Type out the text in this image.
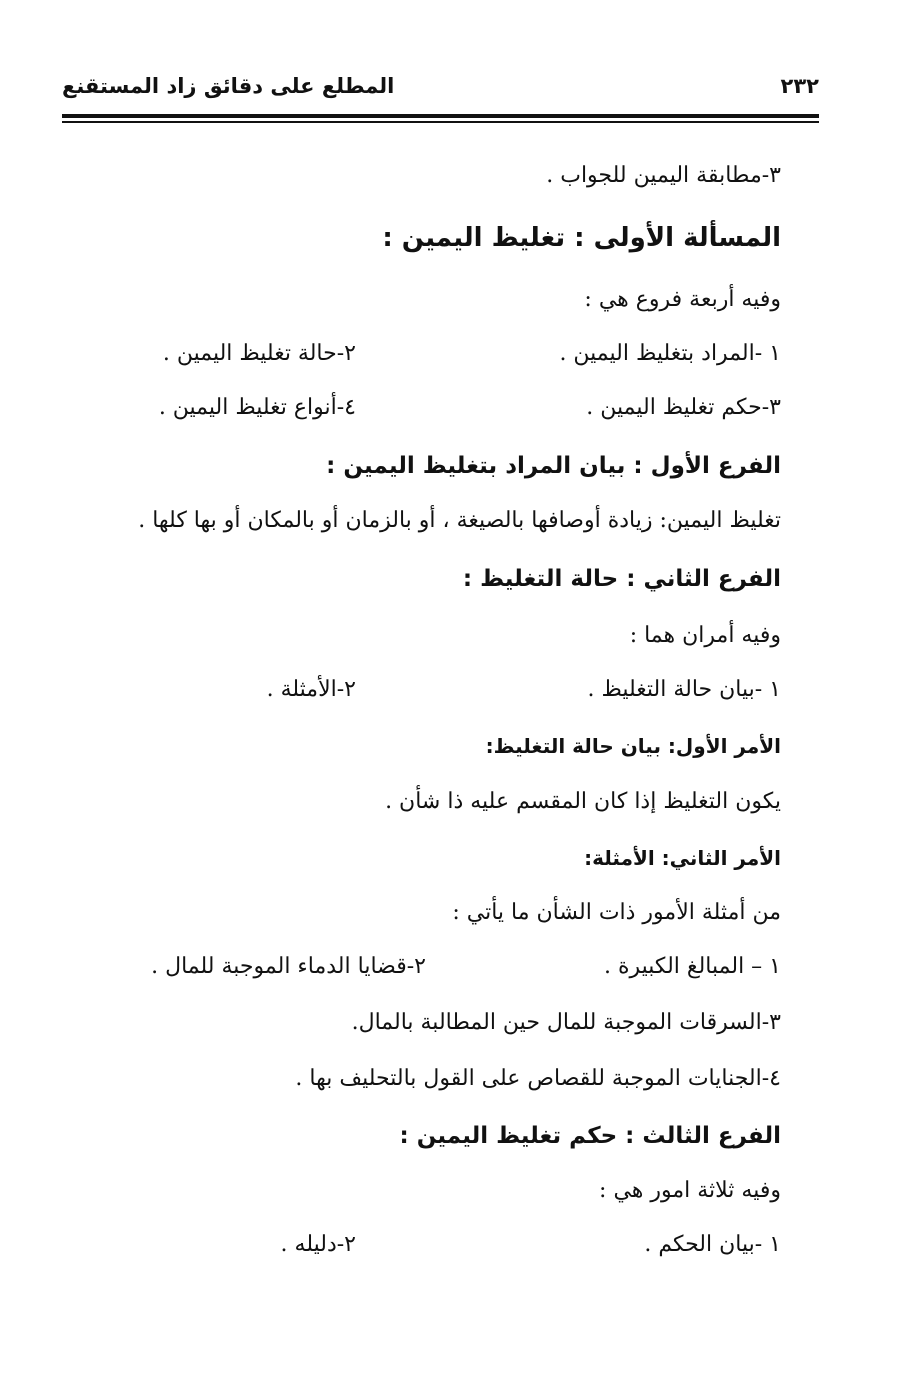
المطلع على دقائق زاد المستقنع	٢٣٢
٣-مطابقة اليمين للجواب .
المسألة الأولى : تغليظ اليمين :
وفيه أربعة فروع هي :
١ -المراد بتغليظ اليمين .
٢-حالة تغليظ اليمين .
٣-حكم تغليظ اليمين .
٤-أنواع تغليظ اليمين .
الفرع الأول : بيان المراد بتغليظ اليمين :
تغليظ اليمين: زيادة أوصافها بالصيغة ، أو بالزمان أو بالمكان أو بها كلها .
الفرع الثاني : حالة التغليظ :
وفيه أمران هما :
١ -بيان حالة التغليظ .
٢-الأمثلة .
الأمر الأول: بيان حالة التغليظ:
يكون التغليظ إذا كان المقسم عليه ذا شأن .
الأمر الثاني: الأمثلة:
من أمثلة الأمور ذات الشأن ما يأتي :
١ – المبالغ الكبيرة .
٢-قضايا الدماء الموجبة للمال .
٣-السرقات الموجبة للمال حين المطالبة بالمال.
٤-الجنايات الموجبة للقصاص على القول بالتحليف بها .
الفرع الثالث : حكم تغليظ اليمين :
وفيه ثلاثة امور هي :
١ -بيان الحكم .
٢-دليله .
